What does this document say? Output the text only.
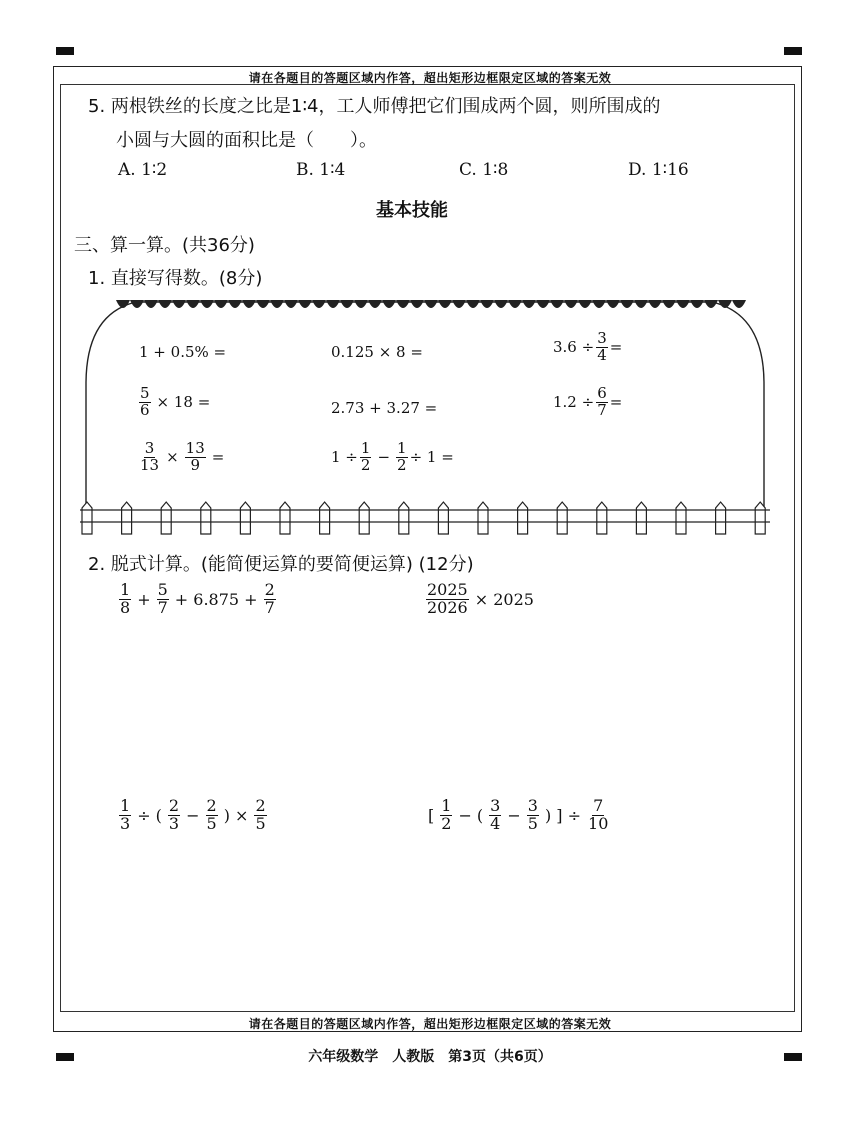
请在各题目的答题区域内作答，超出矩形边框限定区域的答案无效
请在各题目的答题区域内作答，超出矩形边框限定区域的答案无效
5. 两根铁丝的长度之比是1∶4，工人师傅把它们围成两个圆，则所围成的
小圆与大圆的面积比是（　　）。
A. 1∶2	B. 1∶4	C. 1∶8	D. 1∶16
基本技能
三、算一算。(共36分)
1. 直接写得数。(8分)
1 + 0.5% =	0.125 × 8 =	$3.6 \div \frac{3}{4}$ =
$\frac{5}{6} \times 18$ =	2.73 + 3.27 =	$1.2 \div \frac{6}{7}$ =
$\frac{3}{13} \times \frac{13}{9}$ =	$1 \div \frac{1}{2} - \frac{1}{2} \div 1$ =
2. 脱式计算。(能简便运算的要简便运算) (12分)
$\frac{1}{8} + \frac{5}{7} + 6.875 + \frac{2}{7}$	$\frac{2025}{2026} \times 2025$
$\frac{1}{3}$ ÷ ( $\frac{2}{3} - \frac{2}{5}$ ) × $\frac{2}{5}$	[ $\frac{1}{2}$ − ( $\frac{3}{4} - \frac{3}{5}$ ) ] ÷ $\frac{7}{10}$
六年级数学　人教版　第3页（共6页）
